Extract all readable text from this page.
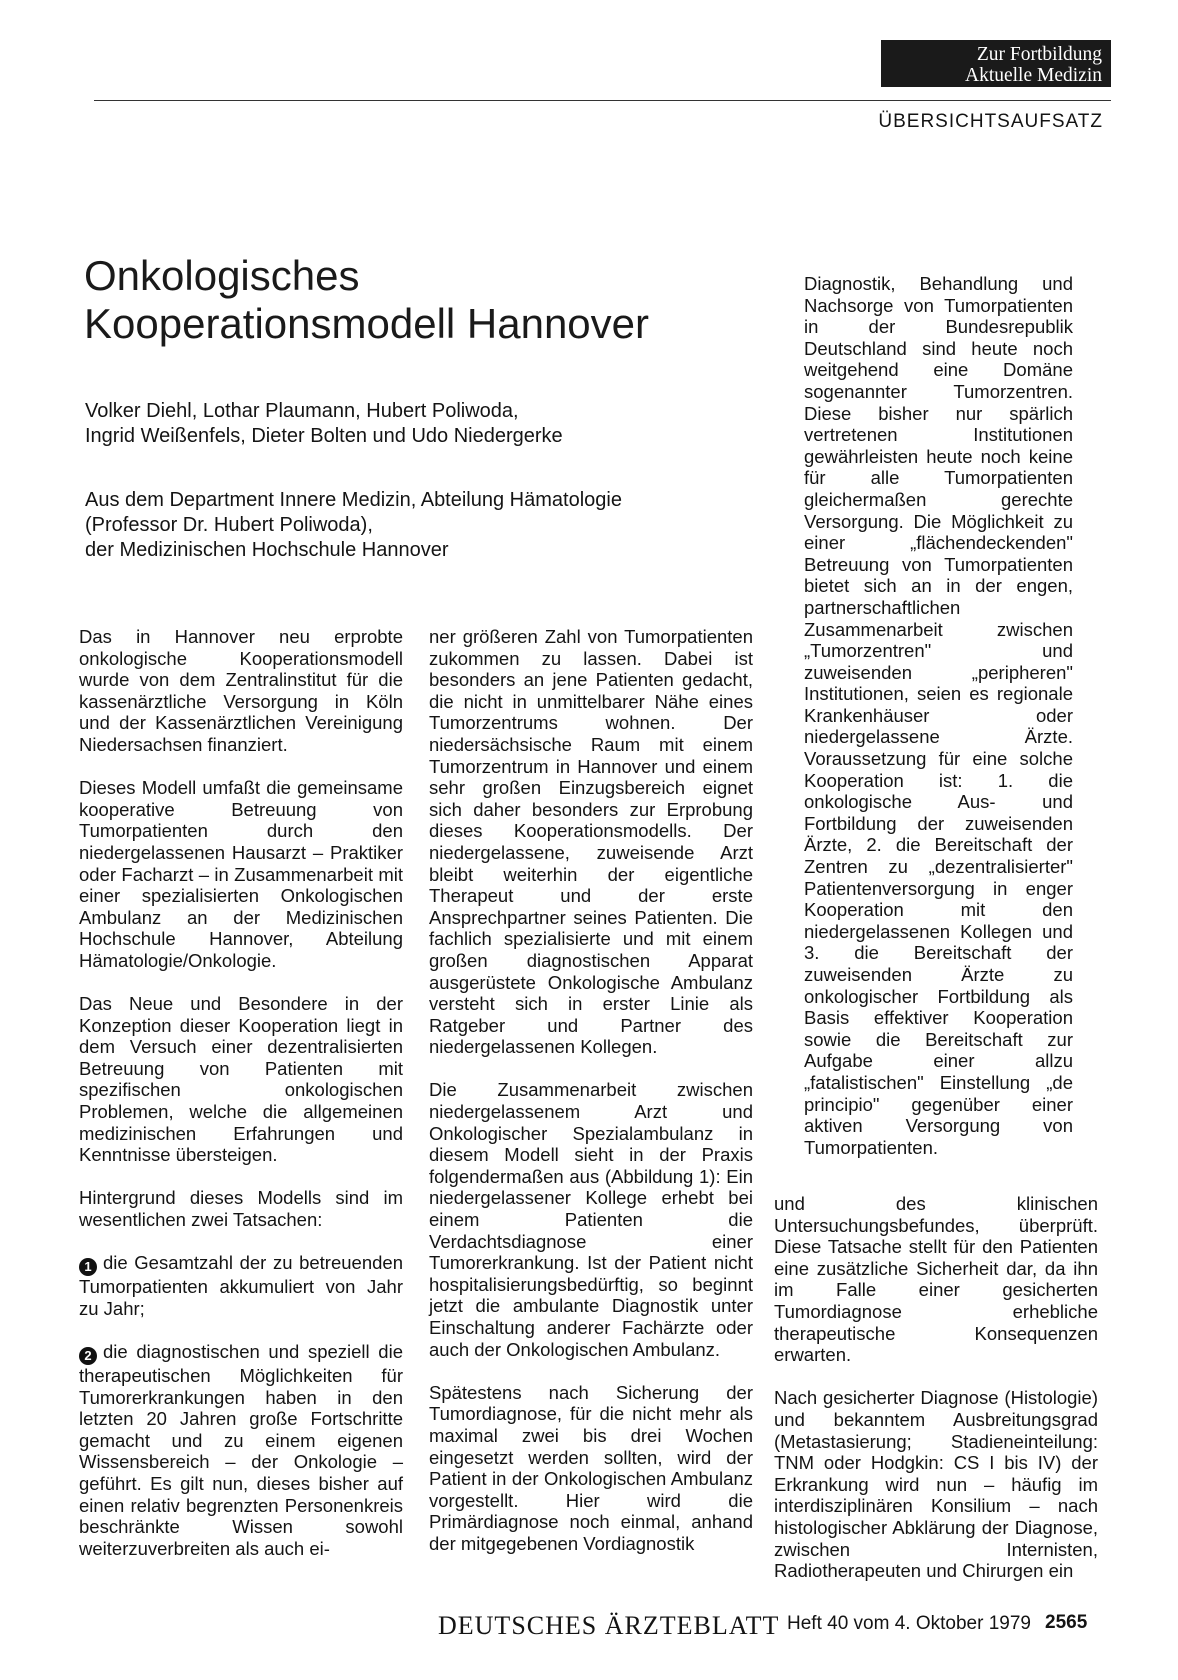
Zur Fortbildung
Aktuelle Medizin
ÜBERSICHTSAUFSATZ
Onkologisches
Kooperationsmodell Hannover
Volker Diehl, Lothar Plaumann, Hubert Poliwoda,
Ingrid Weißenfels, Dieter Bolten und Udo Niedergerke
Aus dem Department Innere Medizin, Abteilung Hämatologie
(Professor Dr. Hubert Poliwoda),
der Medizinischen Hochschule Hannover

Das in Hannover neu erprobte onkologische Kooperationsmodell wurde von dem Zentralinstitut für die kassenärztliche Versorgung in Köln und der Kassenärztlichen Vereinigung Niedersachsen finanziert.

Dieses Modell umfaßt die gemeinsame kooperative Betreuung von Tumorpatienten durch den niedergelassenen Hausarzt – Praktiker oder Facharzt – in Zusammenarbeit mit einer spezialisierten Onkologischen Ambulanz an der Medizinischen Hochschule Hannover, Abteilung Hämatologie/Onkologie.

Das Neue und Besondere in der Konzeption dieser Kooperation liegt in dem Versuch einer dezentralisierten Betreuung von Patienten mit spezifischen onkologischen Problemen, welche die allgemeinen medizinischen Erfahrungen und Kenntnisse übersteigen.

Hintergrund dieses Modells sind im wesentlichen zwei Tatsachen:

1 die Gesamtzahl der zu betreuenden Tumorpatienten akkumuliert von Jahr zu Jahr;

2 die diagnostischen und speziell die therapeutischen Möglichkeiten für Tumorerkrankungen haben in den letzten 20 Jahren große Fortschritte gemacht und zu einem eigenen Wissensbereich – der Onkologie – geführt. Es gilt nun, dieses bisher auf einen relativ begrenzten Personenkreis beschränkte Wissen sowohl weiterzuverbreiten als auch ei-

ner größeren Zahl von Tumorpatienten zukommen zu lassen. Dabei ist besonders an jene Patienten gedacht, die nicht in unmittelbarer Nähe eines Tumorzentrums wohnen. Der niedersächsische Raum mit einem Tumorzentrum in Hannover und einem sehr großen Einzugsbereich eignet sich daher besonders zur Erprobung dieses Kooperationsmodells. Der niedergelassene, zuweisende Arzt bleibt weiterhin der eigentliche Therapeut und der erste Ansprechpartner seines Patienten. Die fachlich spezialisierte und mit einem großen diagnostischen Apparat ausgerüstete Onkologische Ambulanz versteht sich in erster Linie als Ratgeber und Partner des niedergelassenen Kollegen.

Die Zusammenarbeit zwischen niedergelassenem Arzt und Onkologischer Spezialambulanz in diesem Modell sieht in der Praxis folgendermaßen aus (Abbildung 1): Ein niedergelassener Kollege erhebt bei einem Patienten die Verdachtsdiagnose einer Tumorerkrankung. Ist der Patient nicht hospitalisierungsbedürftig, so beginnt jetzt die ambulante Diagnostik unter Einschaltung anderer Fachärzte oder auch der Onkologischen Ambulanz.

Spätestens nach Sicherung der Tumordiagnose, für die nicht mehr als maximal zwei bis drei Wochen eingesetzt werden sollten, wird der Patient in der Onkologischen Ambulanz vorgestellt. Hier wird die Primärdiagnose noch einmal, anhand der mitgegebenen Vordiagnostik

Diagnostik, Behandlung und Nachsorge von Tumorpatienten in der Bundesrepublik Deutschland sind heute noch weitgehend eine Domäne sogenannter Tumorzentren. Diese bisher nur spärlich vertretenen Institutionen gewährleisten heute noch keine für alle Tumorpatienten gleichermaßen gerechte Versorgung. Die Möglichkeit zu einer „flächendeckenden" Betreuung von Tumorpatienten bietet sich an in der engen, partnerschaftlichen Zusammenarbeit zwischen „Tumorzentren" und zuweisenden „peripheren" Institutionen, seien es regionale Krankenhäuser oder niedergelassene Ärzte. Voraussetzung für eine solche Kooperation ist: 1. die onkologische Aus- und Fortbildung der zuweisenden Ärzte, 2. die Bereitschaft der Zentren zu „dezentralisierter" Patientenversorgung in enger Kooperation mit den niedergelassenen Kollegen und 3. die Bereitschaft der zuweisenden Ärzte zu onkologischer Fortbildung als Basis effektiver Kooperation sowie die Bereitschaft zur Aufgabe einer allzu „fatalistischen" Einstellung „de principio" gegenüber einer aktiven Versorgung von Tumorpatienten.

und des klinischen Untersuchungsbefundes, überprüft. Diese Tatsache stellt für den Patienten eine zusätzliche Sicherheit dar, da ihn im Falle einer gesicherten Tumordiagnose erhebliche therapeutische Konsequenzen erwarten.

Nach gesicherter Diagnose (Histologie) und bekanntem Ausbreitungsgrad (Metastasierung; Stadieneinteilung: TNM oder Hodgkin: CS I bis IV) der Erkrankung wird nun – häufig im interdisziplinären Konsilium – nach histologischer Abklärung der Diagnose, zwischen Internisten, Radiotherapeuten und Chirurgen ein

DEUTSCHES ÄRZTEBLATT Heft 40 vom 4. Oktober 1979 2565
